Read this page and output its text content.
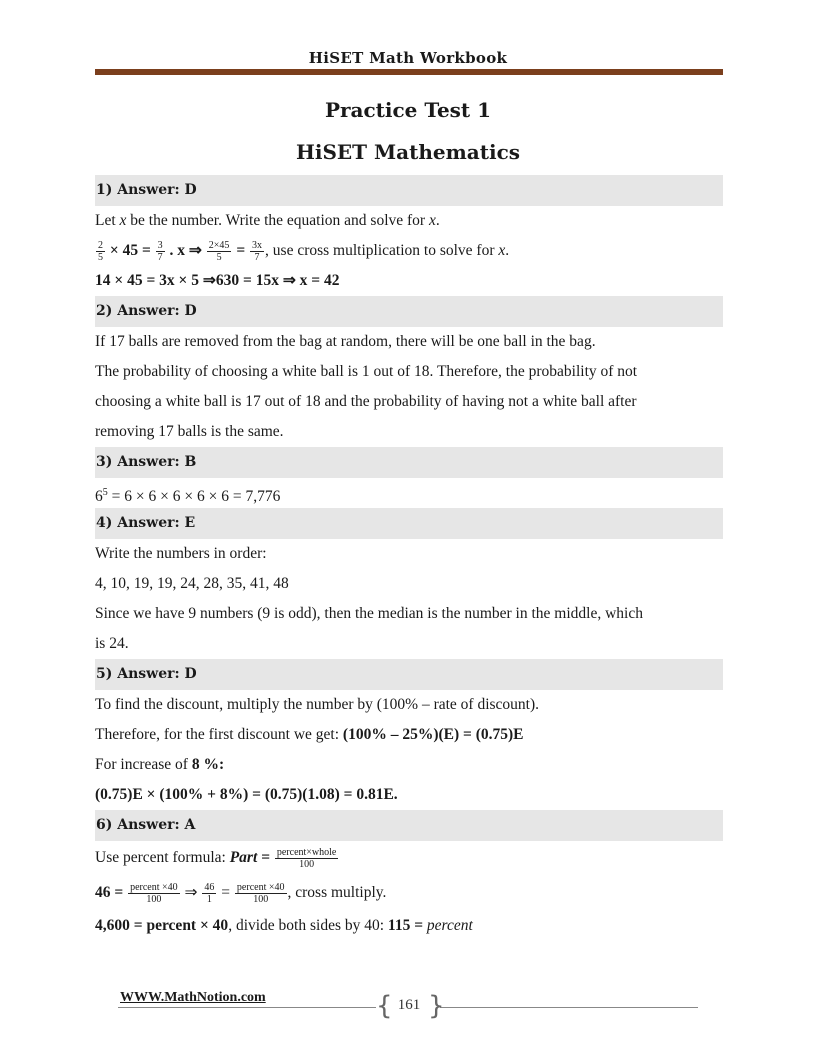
HiSET Math Workbook
Practice Test 1
HiSET Mathematics
1) Answer: D
Let x be the number. Write the equation and solve for x.
$\frac{2}{5} \times 45 = \frac{3}{7}$ . x ⇒ $\frac{2\times 45}{5} = \frac{3x}{7}$ , use cross multiplication to solve for x.
14 × 45 = 3x × 5 ⇒630 = 15x ⇒ x = 42
2) Answer: D
If 17 balls are removed from the bag at random, there will be one ball in the bag.
The probability of choosing a white ball is 1 out of 18. Therefore, the probability of not
choosing a white ball is 17 out of 18 and the probability of having not a white ball after
removing 17 balls is the same.
3) Answer: B
$6^5 = 6 \times 6 \times 6 \times 6 \times 6 = 7,776$
4) Answer: E
Write the numbers in order:
4, 10, 19, 19, 24, 28, 35, 41, 48
Since we have 9 numbers (9 is odd), then the median is the number in the middle, which
is 24.
5) Answer: D
To find the discount, multiply the number by (100% – rate of discount).
Therefore, for the first discount we get: (100% – 25%)(E) = (0.75)E
For increase of 8 %:
(0.75)E × (100% + 8%) = (0.75)(1.08) = 0.81E.
6) Answer: A
Use percent formula: Part = $\frac{\text{percent×whole}}{100}$
$46 = \frac{\text{percent ×40}}{100}$ ⇒ $\frac{46}{1} = \frac{\text{percent ×40}}{100}$ , cross multiply.
4,600 = percent × 40, divide both sides by 40: 115 = percent
WWW.MathNotion.com	{ }
161
